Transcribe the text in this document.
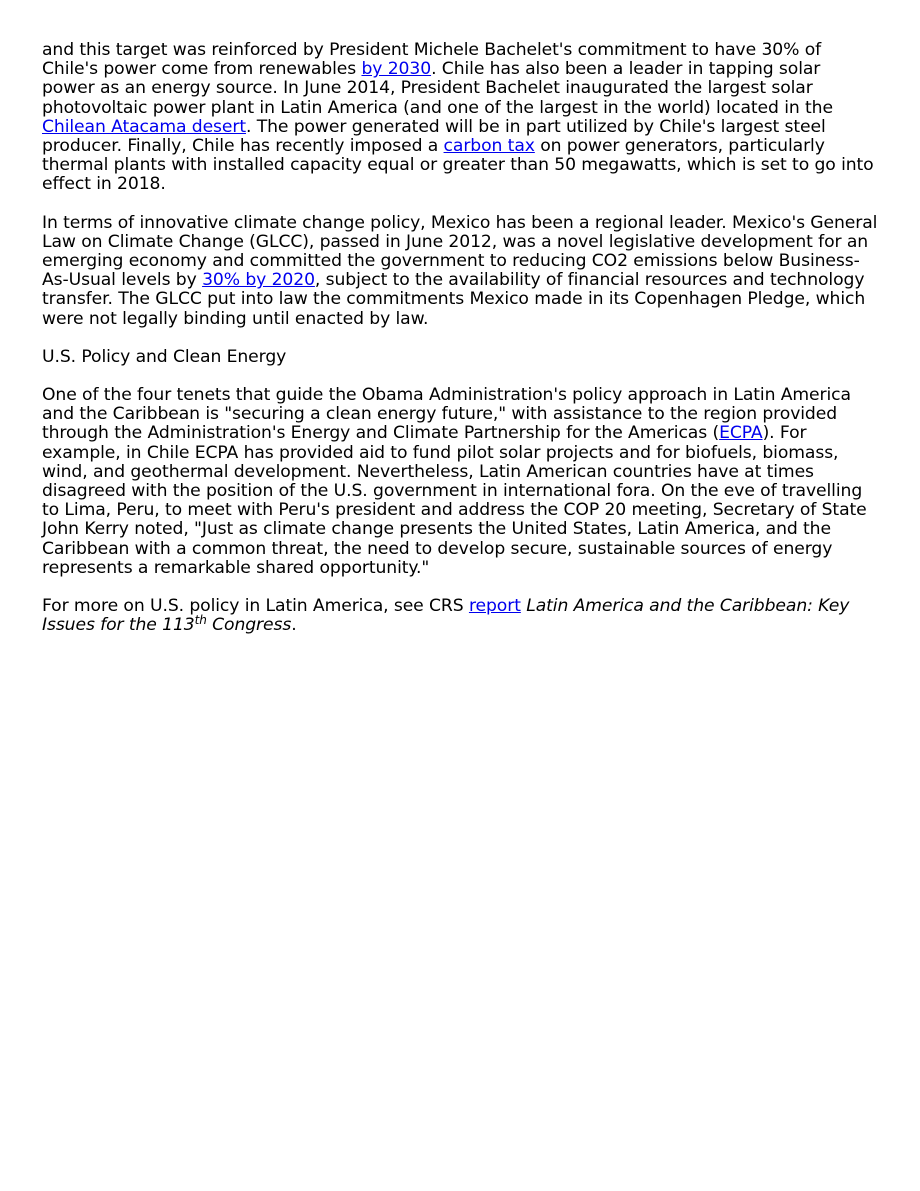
and this target was reinforced by President Michele Bachelet's commitment to have 30% of Chile's power come from renewables by 2030. Chile has also been a leader in tapping solar power as an energy source. In June 2014, President Bachelet inaugurated the largest solar photovoltaic power plant in Latin America (and one of the largest in the world) located in the Chilean Atacama desert. The power generated will be in part utilized by Chile's largest steel producer. Finally, Chile has recently imposed a carbon tax on power generators, particularly thermal plants with installed capacity equal or greater than 50 megawatts, which is set to go into effect in 2018.

In terms of innovative climate change policy, Mexico has been a regional leader. Mexico's General Law on Climate Change (GLCC), passed in June 2012, was a novel legislative development for an emerging economy and committed the government to reducing CO2 emissions below Business-As-Usual levels by 30% by 2020, subject to the availability of financial resources and technology transfer. The GLCC put into law the commitments Mexico made in its Copenhagen Pledge, which were not legally binding until enacted by law.

U.S. Policy and Clean Energy

One of the four tenets that guide the Obama Administration's policy approach in Latin America and the Caribbean is "securing a clean energy future," with assistance to the region provided through the Administration's Energy and Climate Partnership for the Americas (ECPA). For example, in Chile ECPA has provided aid to fund pilot solar projects and for biofuels, biomass, wind, and geothermal development. Nevertheless, Latin American countries have at times disagreed with the position of the U.S. government in international fora. On the eve of travelling to Lima, Peru, to meet with Peru's president and address the COP 20 meeting, Secretary of State John Kerry noted, "Just as climate change presents the United States, Latin America, and the Caribbean with a common threat, the need to develop secure, sustainable sources of energy represents a remarkable shared opportunity."

For more on U.S. policy in Latin America, see CRS report Latin America and the Caribbean: Key Issues for the 113th Congress.
